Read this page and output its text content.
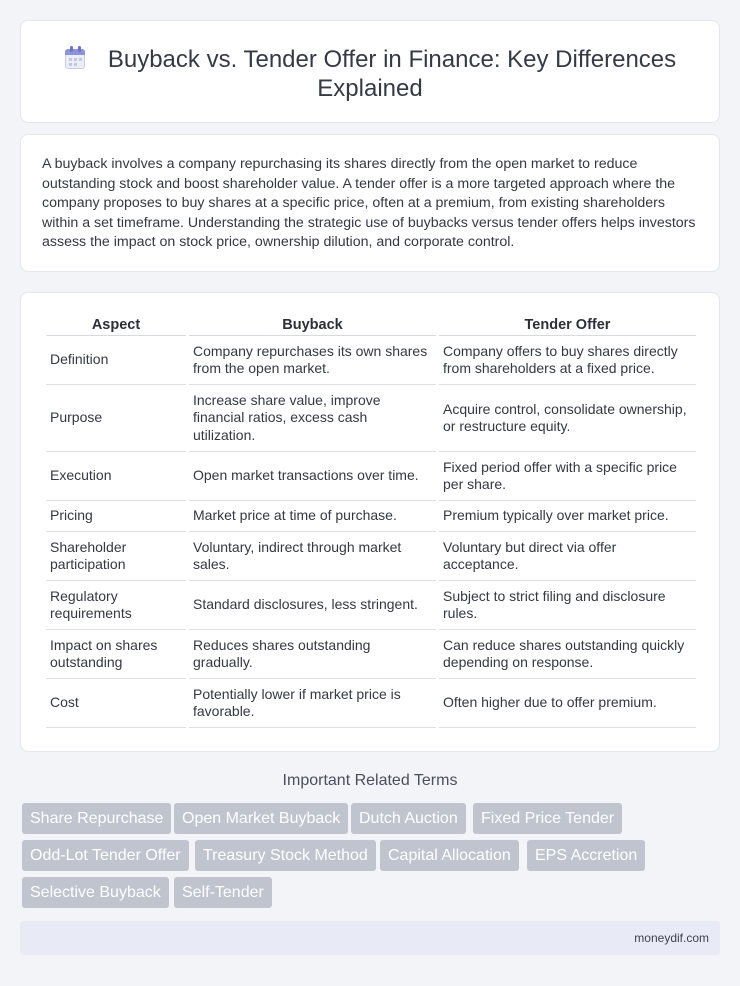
Buyback vs. Tender Offer in Finance: Key Differences Explained

A buyback involves a company repurchasing its shares directly from the open market to reduce outstanding stock and boost shareholder value. A tender offer is a more targeted approach where the company proposes to buy shares at a specific price, often at a premium, from existing shareholders within a set timeframe. Understanding the strategic use of buybacks versus tender offers helps investors assess the impact on stock price, ownership dilution, and corporate control.

Aspect	Buyback	Tender Offer
Definition	Company repurchases its own shares from the open market.	Company offers to buy shares directly from shareholders at a fixed price.
Purpose	Increase share value, improve financial ratios, excess cash utilization.	Acquire control, consolidate ownership, or restructure equity.
Execution	Open market transactions over time.	Fixed period offer with a specific price per share.
Pricing	Market price at time of purchase.	Premium typically over market price.
Shareholder participation	Voluntary, indirect through market sales.	Voluntary but direct via offer acceptance.
Regulatory requirements	Standard disclosures, less stringent.	Subject to strict filing and disclosure rules.
Impact on shares outstanding	Reduces shares outstanding gradually.	Can reduce shares outstanding quickly depending on response.
Cost	Potentially lower if market price is favorable.	Often higher due to offer premium.
Important Related Terms
Share Repurchase	Open Market Buyback	Dutch Auction	Fixed Price Tender
Odd-Lot Tender Offer	Treasury Stock Method	Capital Allocation	EPS Accretion
Selective Buyback	Self-Tender
moneydif.com
